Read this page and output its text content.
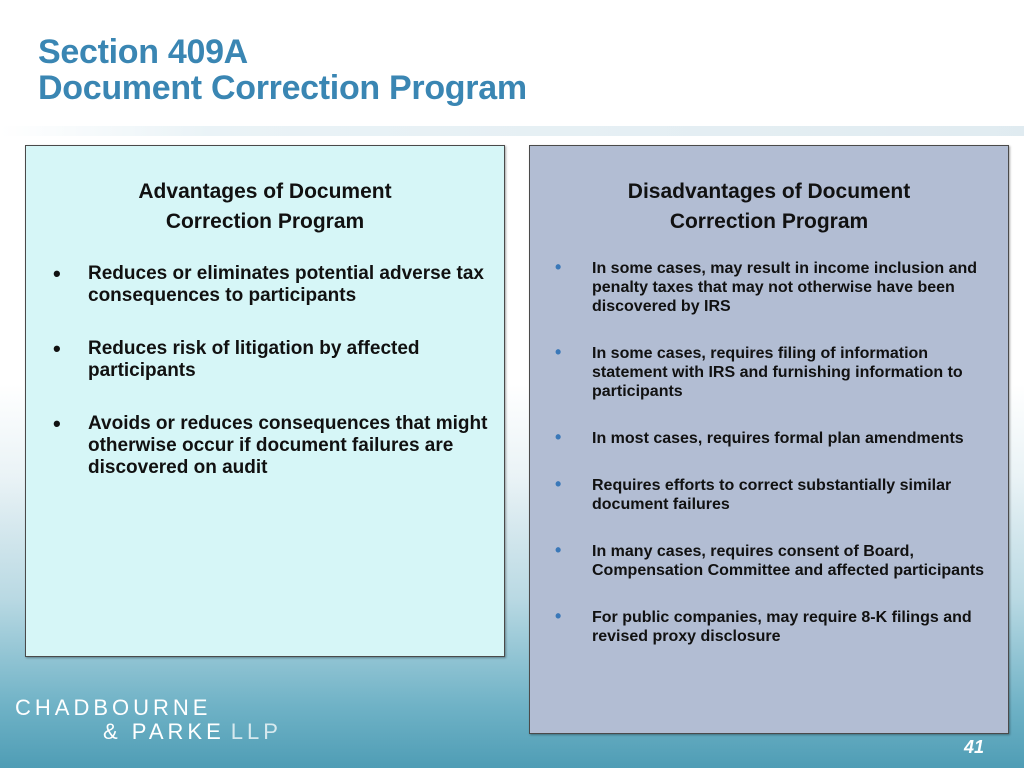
Section 409A
Document Correction Program
Advantages of Document Correction Program
• Reduces or eliminates potential adverse tax consequences to participants
• Reduces risk of litigation by affected participants
• Avoids or reduces consequences that might otherwise occur if document failures are discovered on audit
Disadvantages of Document Correction Program
• In some cases, may result in income inclusion and penalty taxes that may not otherwise have been discovered by IRS
• In some cases, requires filing of information statement with IRS and furnishing information to participants
• In most cases, requires formal plan amendments
• Requires efforts to correct substantially similar document failures
• In many cases, requires consent of Board, Compensation Committee and affected participants
• For public companies, may require 8-K filings and revised proxy disclosure
CHADBOURNE
& PARKE LLP
41
